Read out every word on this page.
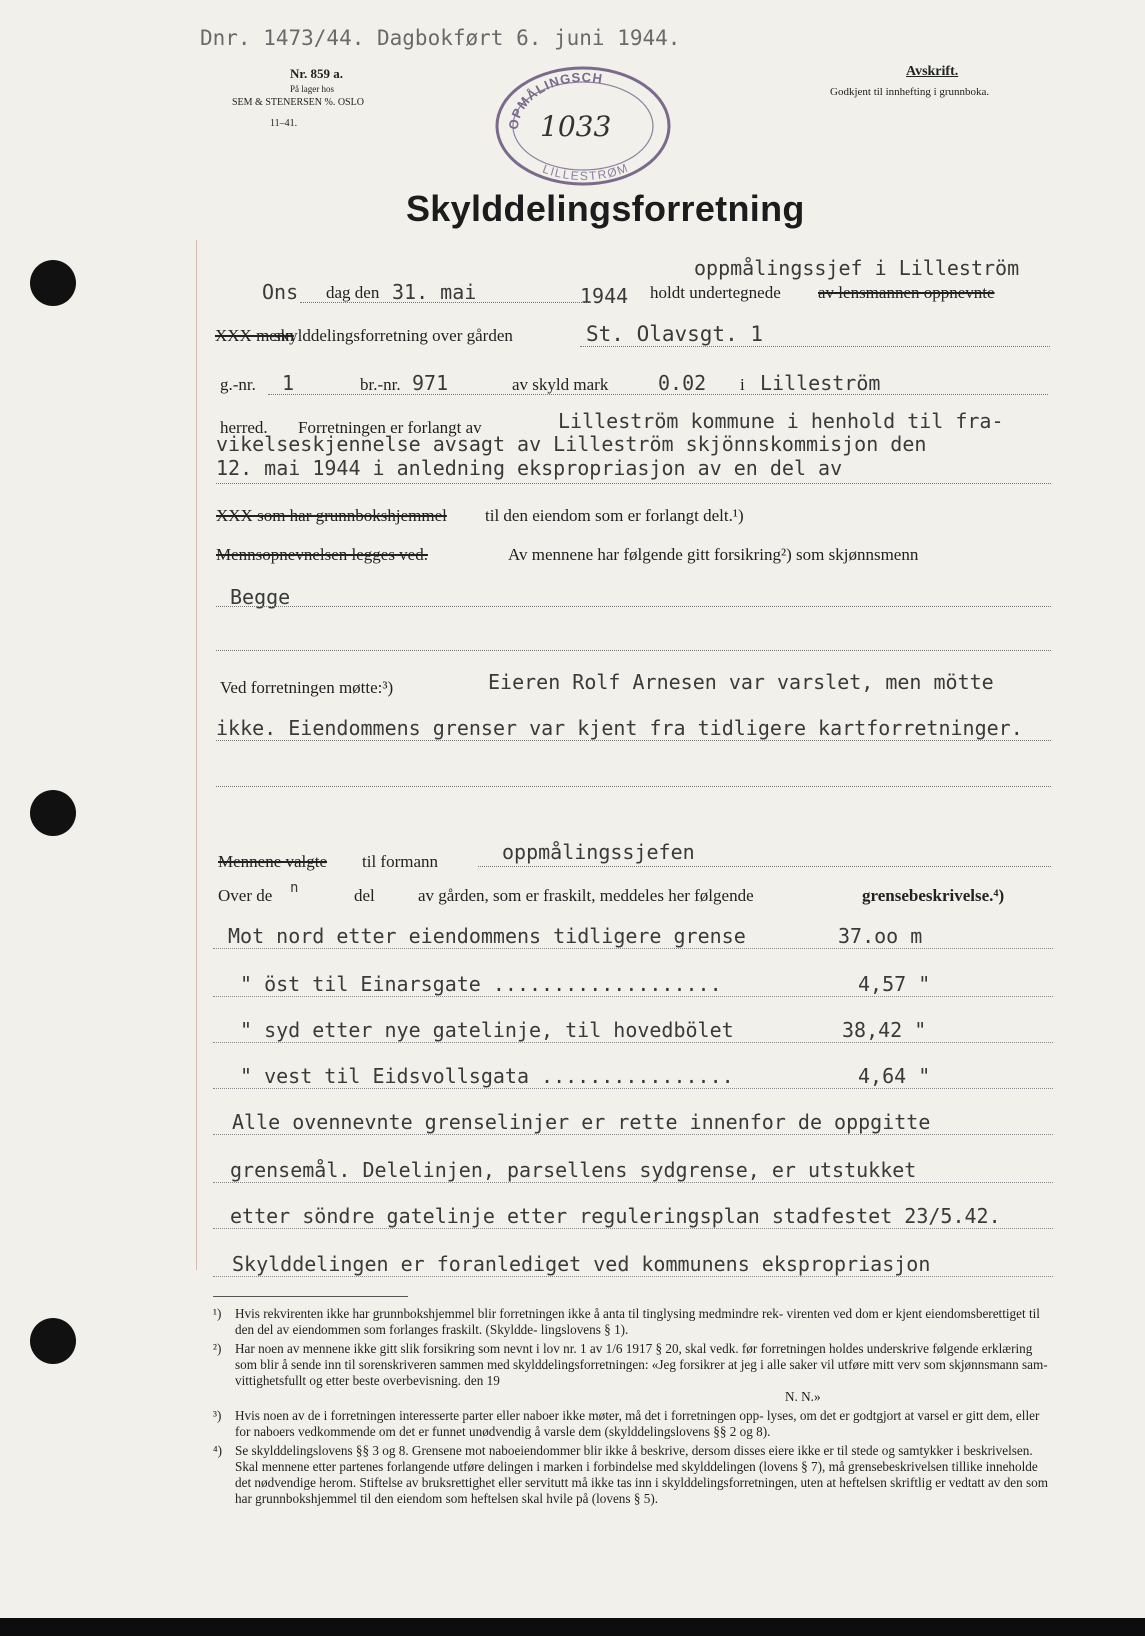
Dnr. 1473/44. Dagbokført 6. juni 1944.
Nr. 859 a.
På lager hos
SEM & STENERSEN %. OSLO
11–41.
Avskrift.
Godkjent til innhefting i grunnboka.
OPMÅLINGSCH
LILLESTRØM
1033
Skylddelingsforretning
oppmålingssjef i Lilleström
Ons dag den 31. mai	1944 holdt undertegnede av lensmannen oppnevnte
XXX menn
skylddelingsforretning over gården	St. Olavsgt. 1
g.-nr. 1	br.-nr. 971	av skyld mark 0.02 i Lilleström
herred. Forretningen er forlangt av	Lilleström kommune i henhold til fra-
vikelseskjennelse avsagt av Lilleström skjönnskommisjon den
12. mai 1944 i anledning ekspropriasjon av en del av
XXX som har grunnbokshjemmel til den eiendom som er forlangt delt.¹)
Mennsopnevnelsen legges ved.	Av mennene har følgende gitt forsikring²) som skjønnsmenn
Begge
Ved forretningen møtte:³)	Eieren Rolf Arnesen var varslet, men mötte
ikke. Eiendommens grenser var kjent fra tidligere kartforretninger.
Mennene valgte til formann	oppmålingssjefen
Over de n	del	av gården, som er fraskilt, meddeles her følgende	grensebeskrivelse.⁴)
Mot nord etter eiendommens tidligere grense	37.oo m
" öst til Einarsgate ...................	4,57 "
" syd etter nye gatelinje, til hovedbölet	38,42 "
" vest til Eidsvollsgata ................	4,64 "
Alle ovennevnte grenselinjer er rette innenfor de oppgitte
grensemål. Delelinjen, parsellens sydgrense, er utstukket
etter söndre gatelinje etter reguleringsplan stadfestet 23/5.42.
Skylddelingen er foranlediget ved kommunens ekspropriasjon
¹)	Hvis rekvirenten ikke har grunnbokshjemmel blir forretningen ikke å anta til tinglysing medmindre rek- virenten ved dom er kjent eiendomsberettiget til den del av eiendommen som forlanges fraskilt. (Skyldde- lingslovens § 1).
²)	Har noen av mennene ikke gitt slik forsikring som nevnt i lov nr. 1 av 1/6 1917 § 20, skal vedk. før forretningen holdes underskrive følgende erklæring som blir å sende inn til sorenskriveren sammen med skylddelingsforretningen: «Jeg forsikrer at jeg i alle saker vil utføre mitt verv som skjønnsmann sam- vittighetsfullt og etter beste overbevisning. den 19
N. N.»
³)	Hvis noen av de i forretningen interesserte parter eller naboer ikke møter, må det i forretningen opp- lyses, om det er godtgjort at varsel er gitt dem, eller for naboers vedkommende om det er funnet unødvendig å varsle dem (skylddelingslovens §§ 2 og 8).
⁴) Se skylddelingslovens §§ 3 og 8. Grensene mot naboeiendommer blir ikke å beskrive, dersom disses eiere ikke er til stede og samtykker i beskrivelsen. Skal mennene etter partenes forlangende utføre delingen i marken i forbindelse med skylddelingen (lovens § 7), må grensebeskrivelsen tillike inneholde det nødvendige herom. Stiftelse av bruksrettighet eller servitutt må ikke tas inn i skylddelingsforretningen, uten at heftelsen skriftlig er vedtatt av den som har grunnbokshjemmel til den eiendom som heftelsen skal hvile på (lovens § 5).
